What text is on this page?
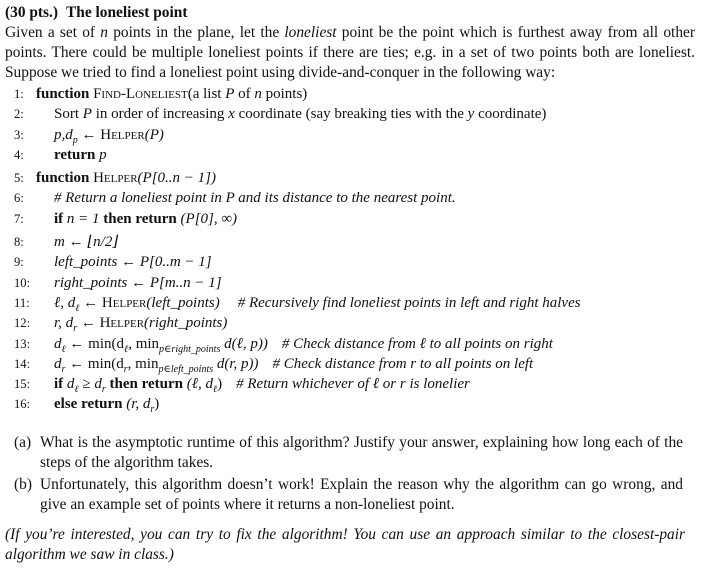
(30 pts.) The loneliest point

Given a set of n points in the plane, let the loneliest point be the point which is furthest away from all other points. There could be multiple loneliest points if there are ties; e.g. in a set of two points both are loneliest. Suppose we tried to find a loneliest point using divide-and-conquer in the following way:

1: function Find-Loneliest(a list P of n points)
2:	Sort P in order of increasing x coordinate (say breaking ties with the y coordinate)
3:	$p,d_p$ ← Helper(P)
4:	return p
5: function Helper(P[0..n − 1])
6:	# Return a loneliest point in P and its distance to the nearest point.
7:	if n = 1 then return (P[0], ∞)
8:	m ← ⌊n/2⌋
9:	left_points ← P[0..m − 1]
10:	right_points ← P[m..n − 1]
11:	ℓ, $d_\ell$ ← Helper(left_points) # Recursively find loneliest points in left and right halves
12:	r, $d_r$ ← Helper(right_points)
13:	$d_\ell$ ← $\min(d_\ell$, $\min_{p\in right\_points}$ d(ℓ, p)) # Check distance from ℓ to all points on right
14:	$d_r$ ← $\min(d_r$, $\min_{p\in left\_points} d(r$, p)) # Check distance from r to all points on left
15:	if $d_\ell \ge d_r$ then return (ℓ, $d_\ell$) # Return whichever of ℓ or r is lonelier
16:	else return (r, $d_r$)
(a) What is the asymptotic runtime of this algorithm? Justify your answer, explaining how long each of the steps of the algorithm takes.
(b) Unfortunately, this algorithm doesn’t work! Explain the reason why the algorithm can go wrong, and give an example set of points where it returns a non-loneliest point.

(If you’re interested, you can try to fix the algorithm! You can use an approach similar to the closest-pair algorithm we saw in class.)
